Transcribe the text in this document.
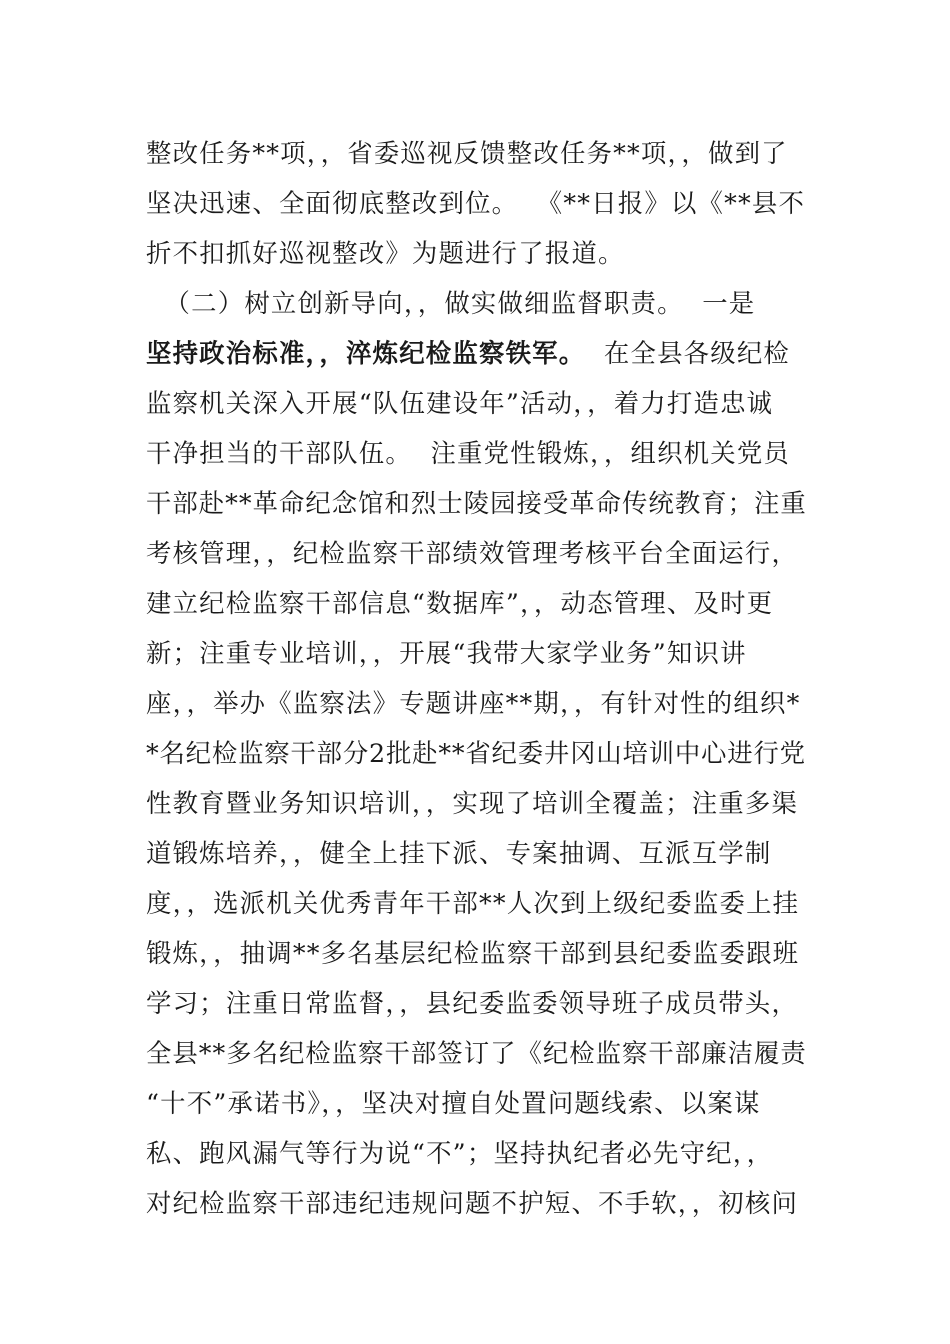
整改任务**项，，省委巡视反馈整改任务**项，，做到了
坚决迅速、全面彻底整改到位。  《**日报》以《**县不
折不扣抓好巡视整改》为题进行了报道。
（二）树立创新导向，，做实做细监督职责。  一是
坚持政治标准，，淬炼纪检监察铁军。  在全县各级纪检
监察机关深入开展“队伍建设年”活动，，着力打造忠诚
干净担当的干部队伍。  注重党性锻炼，，组织机关党员
干部赴**革命纪念馆和烈士陵园接受革命传统教育；注重
考核管理，，纪检监察干部绩效管理考核平台全面运行，
建立纪检监察干部信息“数据库”，，动态管理、及时更
新；注重专业培训，，开展“我带大家学业务”知识讲
座，，举办《监察法》专题讲座**期，，有针对性的组织*
*名纪检监察干部分2批赴**省纪委井冈山培训中心进行党
性教育暨业务知识培训，，实现了培训全覆盖；注重多渠
道锻炼培养，，健全上挂下派、专案抽调、互派互学制
度，，选派机关优秀青年干部**人次到上级纪委监委上挂
锻炼，，抽调**多名基层纪检监察干部到县纪委监委跟班
学习；注重日常监督，，县纪委监委领导班子成员带头，
全县**多名纪检监察干部签订了《纪检监察干部廉洁履责
“十不”承诺书》，，坚决对擅自处置问题线索、以案谋
私、跑风漏气等行为说“不”；坚持执纪者必先守纪，，
对纪检监察干部违纪违规问题不护短、不手软，，初核问
